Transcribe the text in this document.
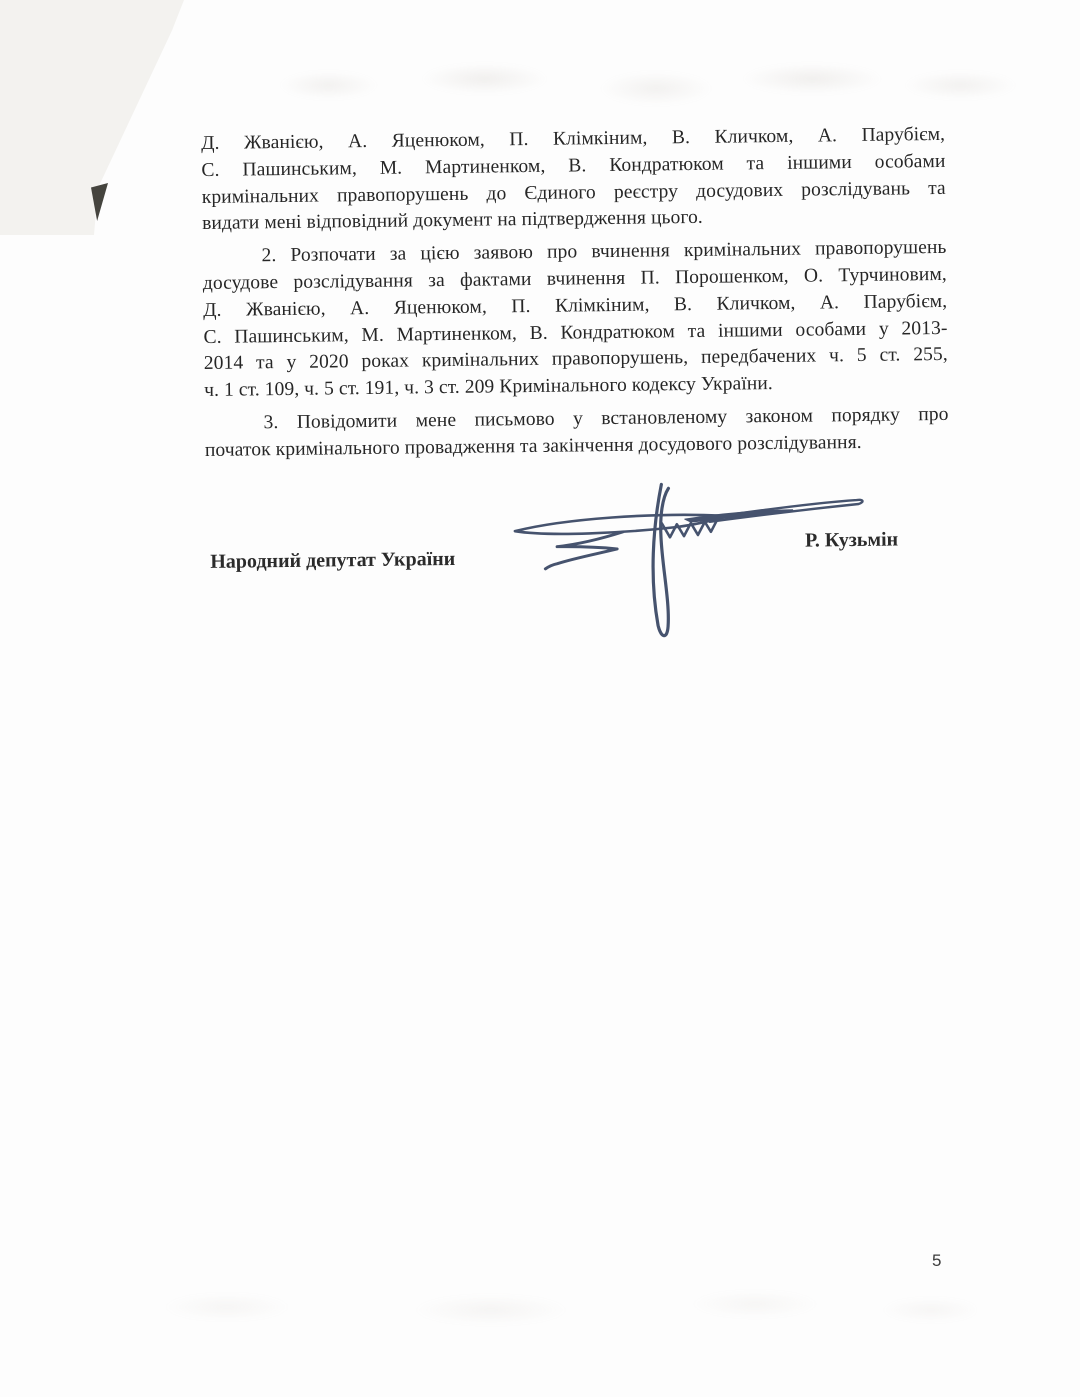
Д. Жванією, А. Яценюком, П. Клімкіним, В. Кличком, А. Парубієм,
С. Пашинським, М. Мартиненком, В. Кондратюком та іншими особами
кримінальних правопорушень до Єдиного реєстру досудових розслідувань та
видати мені відповідний документ на підтвердження цього.
2. Розпочати за цією заявою про вчинення кримінальних правопорушень
досудове розслідування за фактами вчинення П. Порошенком, О. Турчиновим,
Д. Жванією, А. Яценюком, П. Клімкіним, В. Кличком, А. Парубієм,
С. Пашинським, М. Мартиненком, В. Кондратюком та іншими особами у 2013-
2014 та у 2020 роках кримінальних правопорушень, передбачених ч. 5 ст. 255,
ч. 1 ст. 109, ч. 5 ст. 191, ч. 3 ст. 209 Кримінального кодексу України.
3. Повідомити мене письмово у встановленому законом порядку про
початок кримінального провадження та закінчення досудового розслідування.
Народний депутат України
Р. Кузьмін
5
